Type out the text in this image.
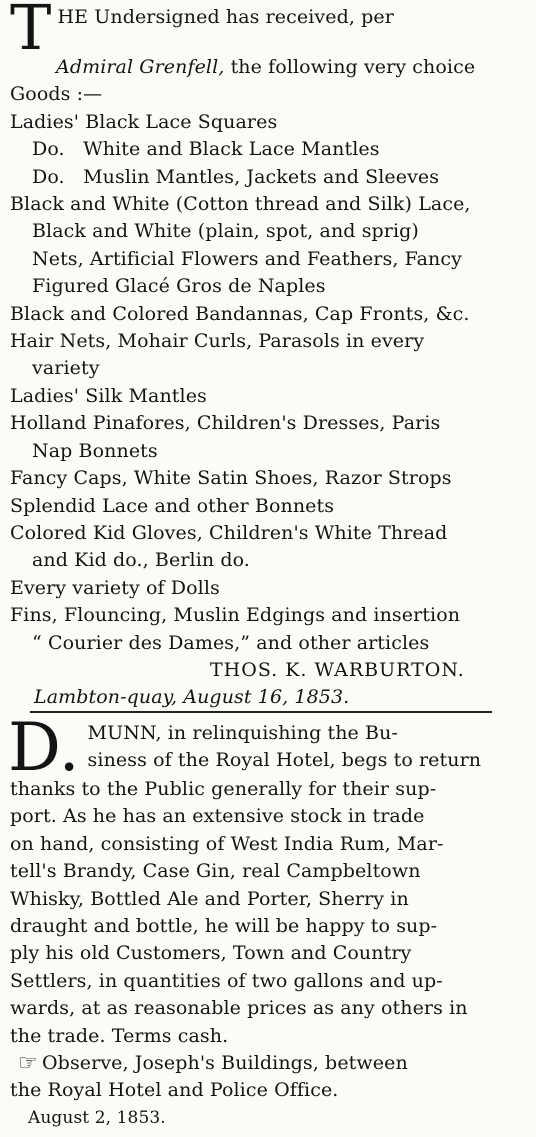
THE Undersigned has received, per
Admiral Grenfell, the following very choice
Goods :—
Ladies' Black Lace Squares
Do.   White and Black Lace Mantles
Do.   Muslin Mantles, Jackets and Sleeves
Black and White (Cotton thread and Silk) Lace,
Black and White (plain, spot, and sprig)
Nets, Artificial Flowers and Feathers, Fancy
Figured Glacé Gros de Naples
Black and Colored Bandannas, Cap Fronts, &c.
Hair Nets, Mohair Curls, Parasols in every
variety
Ladies' Silk Mantles
Holland Pinafores, Children's Dresses, Paris
Nap Bonnets
Fancy Caps, White Satin Shoes, Razor Strops
Splendid Lace and other Bonnets
Colored Kid Gloves, Children's White Thread
and Kid do., Berlin do.
Every variety of Dolls
Fins, Flouncing, Muslin Edgings and insertion
“ Courier des Dames,” and other articles
THOS. K. WARBURTON.
Lambton-quay, August 16, 1853.
D. MUNN, in relinquishing the Bu-
siness of the Royal Hotel, begs to return
thanks to the Public generally for their sup-
port. As he has an extensive stock in trade
on hand, consisting of West India Rum, Mar-
tell's Brandy, Case Gin, real Campbeltown
Whisky, Bottled Ale and Porter, Sherry in
draught and bottle, he will be happy to sup-
ply his old Customers, Town and Country
Settlers, in quantities of two gallons and up-
wards, at as reasonable prices as any others in
the trade. Terms cash.
☞ Observe, Joseph's Buildings, between
the Royal Hotel and Police Office.
August 2, 1853.
